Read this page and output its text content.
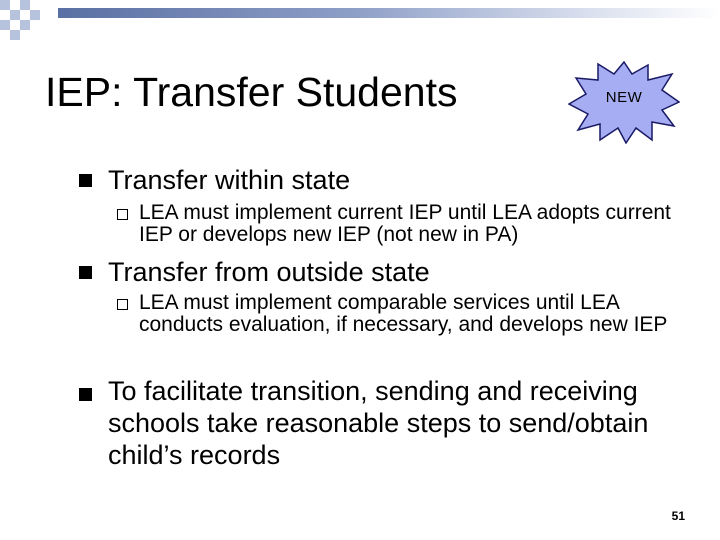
IEP: Transfer Students	NEW
Transfer within state
LEA must implement current IEP until LEA adopts current IEP or develops new IEP (not new in PA)
Transfer from outside state
LEA must implement comparable services until LEA conducts evaluation, if necessary, and develops new IEP
To facilitate transition, sending and receiving schools take reasonable steps to send/obtain child’s records
51
